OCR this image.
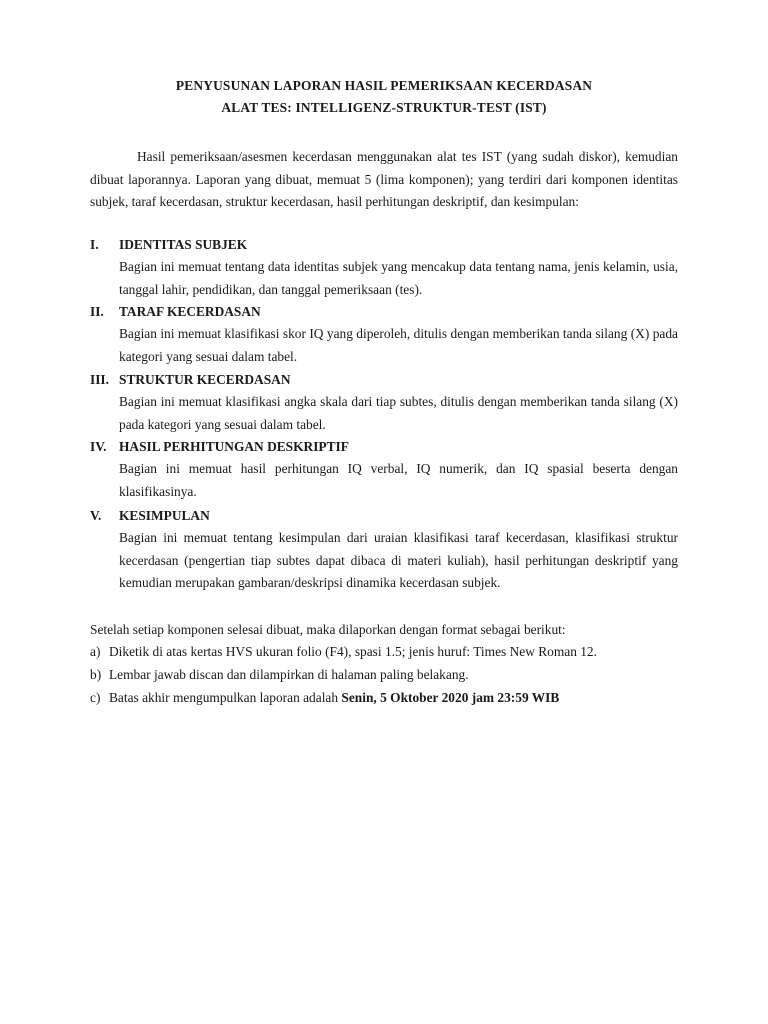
PENYUSUNAN LAPORAN HASIL PEMERIKSAAN KECERDASAN
ALAT TES: INTELLIGENZ-STRUKTUR-TEST (IST)

Hasil pemeriksaan/asesmen kecerdasan menggunakan alat tes IST (yang sudah diskor), kemudian dibuat laporannya. Laporan yang dibuat, memuat 5 (lima komponen); yang terdiri dari komponen identitas subjek, taraf kecerdasan, struktur kecerdasan, hasil perhitungan deskriptif, dan kesimpulan:

I. IDENTITAS SUBJEK

Bagian ini memuat tentang data identitas subjek yang mencakup data tentang nama, jenis kelamin, usia, tanggal lahir, pendidikan, dan tanggal pemeriksaan (tes).

II. TARAF KECERDASAN

Bagian ini memuat klasifikasi skor IQ yang diperoleh, ditulis dengan memberikan tanda silang (X) pada kategori yang sesuai dalam tabel.

III. STRUKTUR KECERDASAN

Bagian ini memuat klasifikasi angka skala dari tiap subtes, ditulis dengan memberikan tanda silang (X) pada kategori yang sesuai dalam tabel.

IV. HASIL PERHITUNGAN DESKRIPTIF

Bagian ini memuat hasil perhitungan IQ verbal, IQ numerik, dan IQ spasial beserta dengan klasifikasinya.

V. KESIMPULAN

Bagian ini memuat tentang kesimpulan dari uraian klasifikasi taraf kecerdasan, klasifikasi struktur kecerdasan (pengertian tiap subtes dapat dibaca di materi kuliah), hasil perhitungan deskriptif yang kemudian merupakan gambaran/deskripsi dinamika kecerdasan subjek.

Setelah setiap komponen selesai dibuat, maka dilaporkan dengan format sebagai berikut:

a) Diketik di atas kertas HVS ukuran folio (F4), spasi 1.5; jenis huruf: Times New Roman 12.
b) Lembar jawab discan dan dilampirkan di halaman paling belakang.
c) Batas akhir mengumpulkan laporan adalah Senin, 5 Oktober 2020 jam 23:59 WIB
